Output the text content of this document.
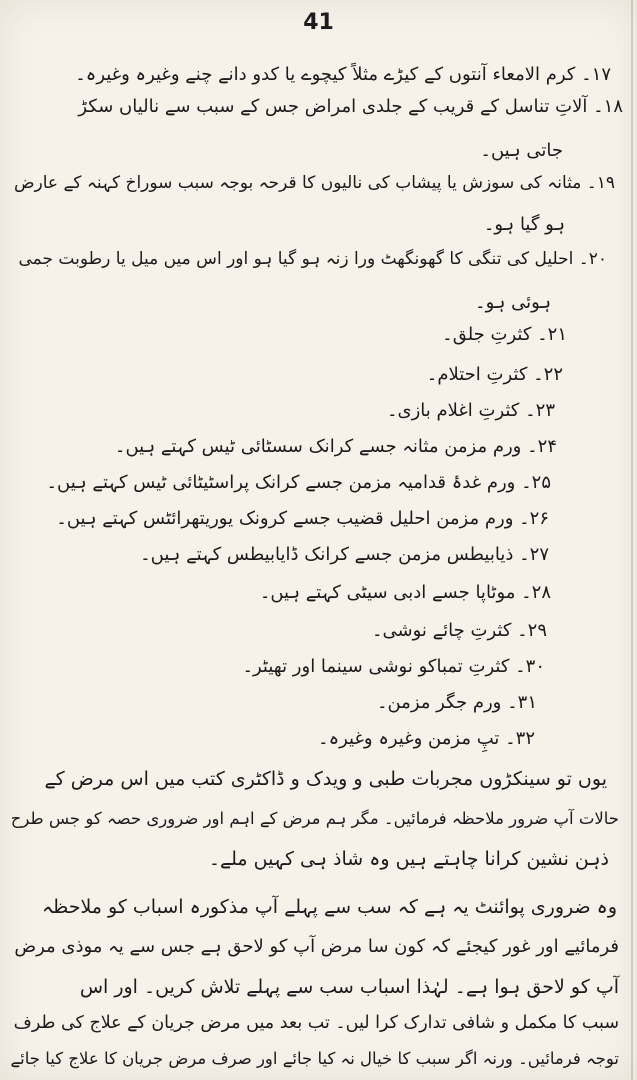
41
۱۷۔ کرم الامعاء آنتوں کے کیڑے مثلاً کیچوے یا کدو دانے چنے وغیرہ وغیرہ۔
۱۸۔ آلاتِ تناسل کے قریب کے جلدی امراض جس کے سبب سے نالیاں سکڑ
جاتی ہیں۔
۱۹۔ مثانہ کی سوزش یا پیشاب کی نالیوں کا قرحہ بوجہ سبب سوراخ کہنہ کے عارض
ہو گیا ہو۔
۲۰۔ احلیل کی تنگی کا گھونگھٹ ورا زنہ ہو گیا ہو اور اس میں میل یا رطوبت جمی
ہوئی ہو۔
۲۱۔ کثرتِ جلق۔
۲۲۔ کثرتِ احتلام۔
۲۳۔ کثرتِ اغلام بازی۔
۲۴۔ ورم مزمن مثانہ جسے کرانک سسٹائی ٹیس کہتے ہیں۔
۲۵۔ ورم غدۂ قدامیہ مزمن جسے کرانک پراسٹیٹائی ٹیس کہتے ہیں۔
۲۶۔ ورم مزمن احلیل قضیب جسے کرونک یوریتھرائٹس کہتے ہیں۔
۲۷۔ ذیابیطس مزمن جسے کرانک ڈایابیطس کہتے ہیں۔
۲۸۔ موٹاپا جسے ادبی سیٹی کہتے ہیں۔
۲۹۔ کثرتِ چائے نوشی۔
۳۰۔ کثرتِ تمباکو نوشی سینما اور تھیٹر۔
۳۱۔ ورم جگر مزمن۔
۳۲۔ تپِ مزمن وغیرہ وغیرہ۔
یوں تو سینکڑوں مجربات طبی و ویدک و ڈاکٹری کتب میں اس مرض کے
حالات آپ ضرور ملاحظہ فرمائیں۔ مگر ہم مرض کے اہم اور ضروری حصہ کو جس طرح
ذہن نشین کرانا چاہتے ہیں وہ شاذ ہی کہیں ملے۔
وہ ضروری پوائنٹ یہ ہے کہ سب سے پہلے آپ مذکورہ اسباب کو ملاحظہ
فرمائیے اور غور کیجئے کہ کون سا مرض آپ کو لاحق ہے جس سے یہ موذی مرض
آپ کو لاحق ہوا ہے۔ لہٰذا اسباب سب سے پہلے تلاش کریں۔ اور اس
سبب کا مکمل و شافی تدارک کرا لیں۔ تب بعد میں مرض جریان کے علاج کی طرف
توجہ فرمائیں۔ ورنہ اگر سبب کا خیال نہ کیا جائے اور صرف مرض جریان کا علاج کیا جائے
